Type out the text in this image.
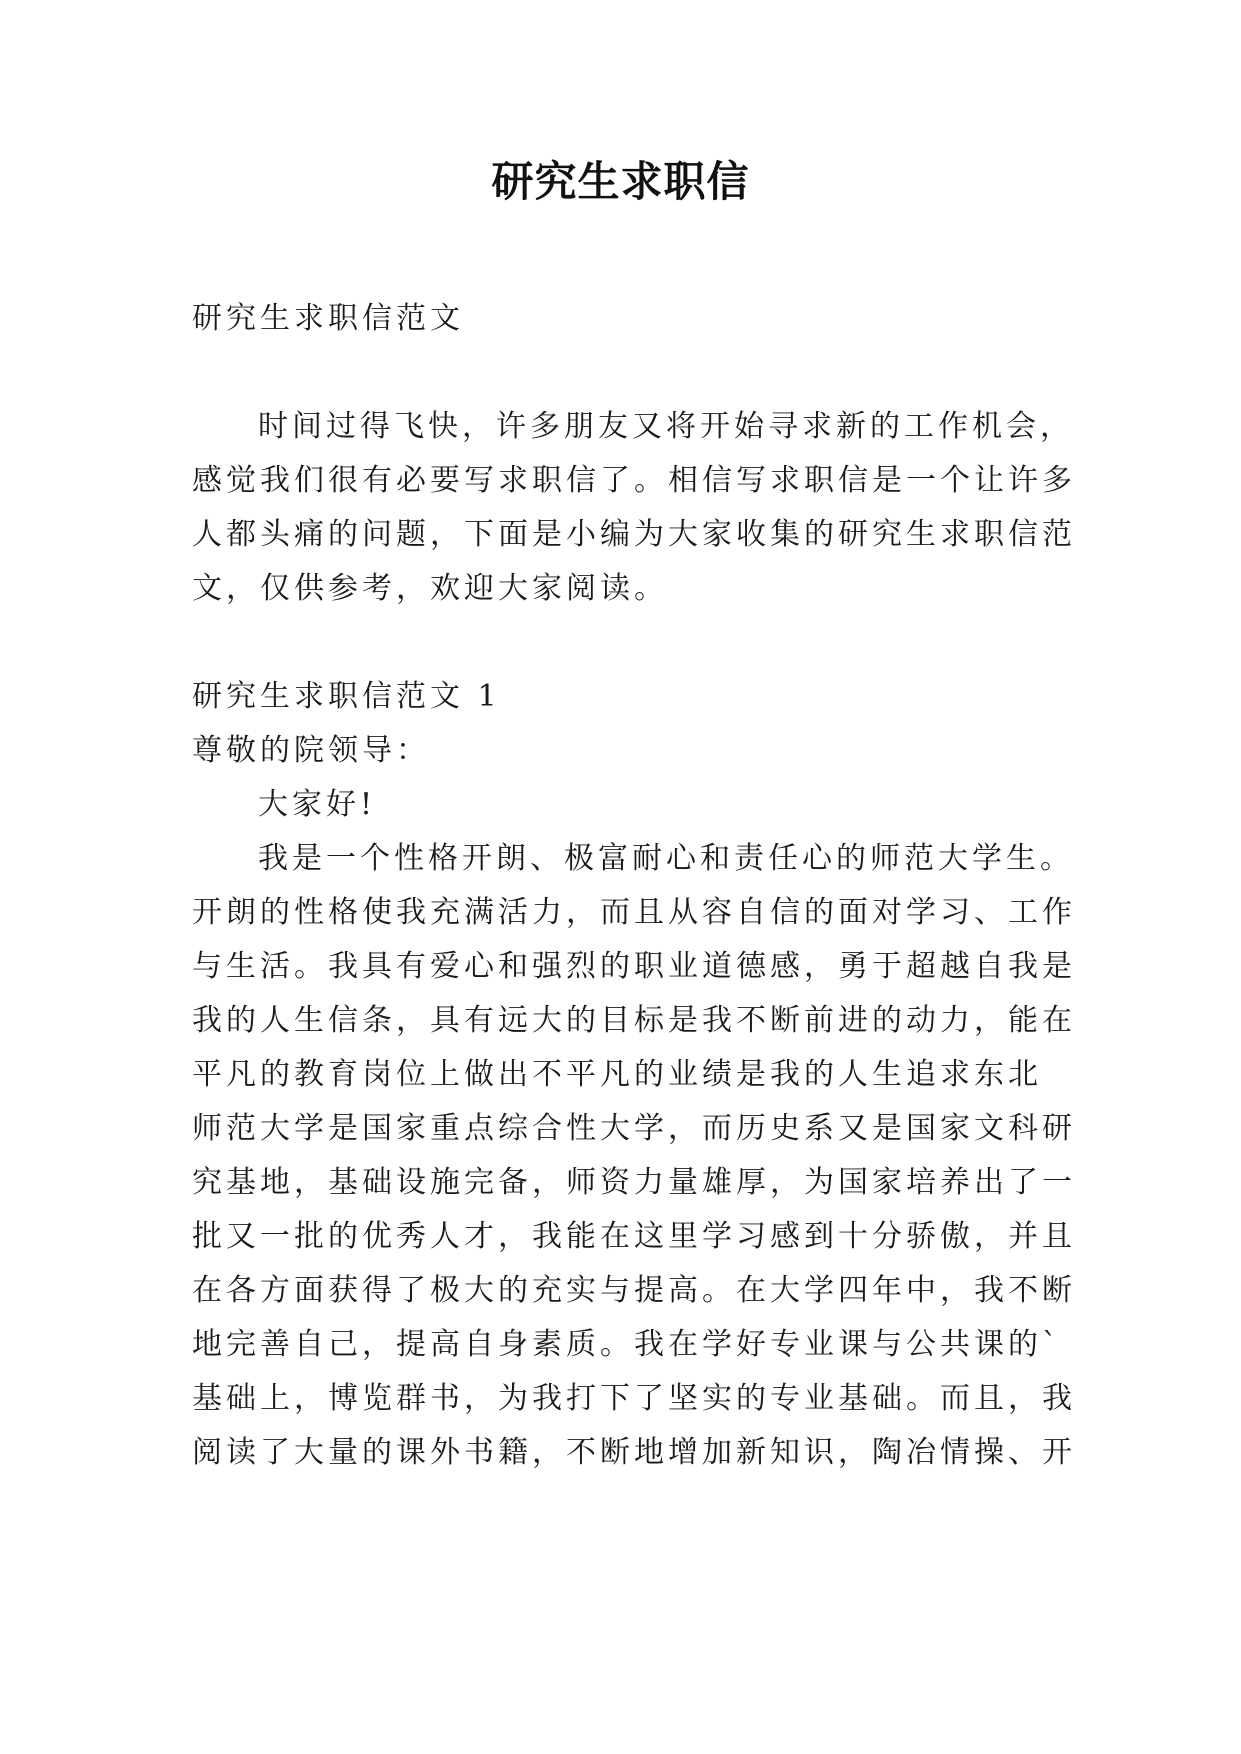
研究生求职信
研究生求职信范文
时间过得飞快，许多朋友又将开始寻求新的工作机会，
感觉我们很有必要写求职信了。相信写求职信是一个让许多
人都头痛的问题，下面是小编为大家收集的研究生求职信范
文，仅供参考，欢迎大家阅读。
研究生求职信范文 1
尊敬的院领导：
大家好!
我是一个性格开朗、极富耐心和责任心的师范大学生。
开朗的性格使我充满活力，而且从容自信的面对学习、工作
与生活。我具有爱心和强烈的职业道德感，勇于超越自我是
我的人生信条，具有远大的目标是我不断前进的动力，能在
平凡的教育岗位上做出不平凡的业绩是我的人生追求东北
师范大学是国家重点综合性大学，而历史系又是国家文科研
究基地，基础设施完备，师资力量雄厚，为国家培养出了一
批又一批的优秀人才，我能在这里学习感到十分骄傲，并且
在各方面获得了极大的充实与提高。在大学四年中，我不断
地完善自己，提高自身素质。我在学好专业课与公共课的`
基础上，博览群书，为我打下了坚实的专业基础。而且，我
阅读了大量的课外书籍，不断地增加新知识，陶冶情操、开
